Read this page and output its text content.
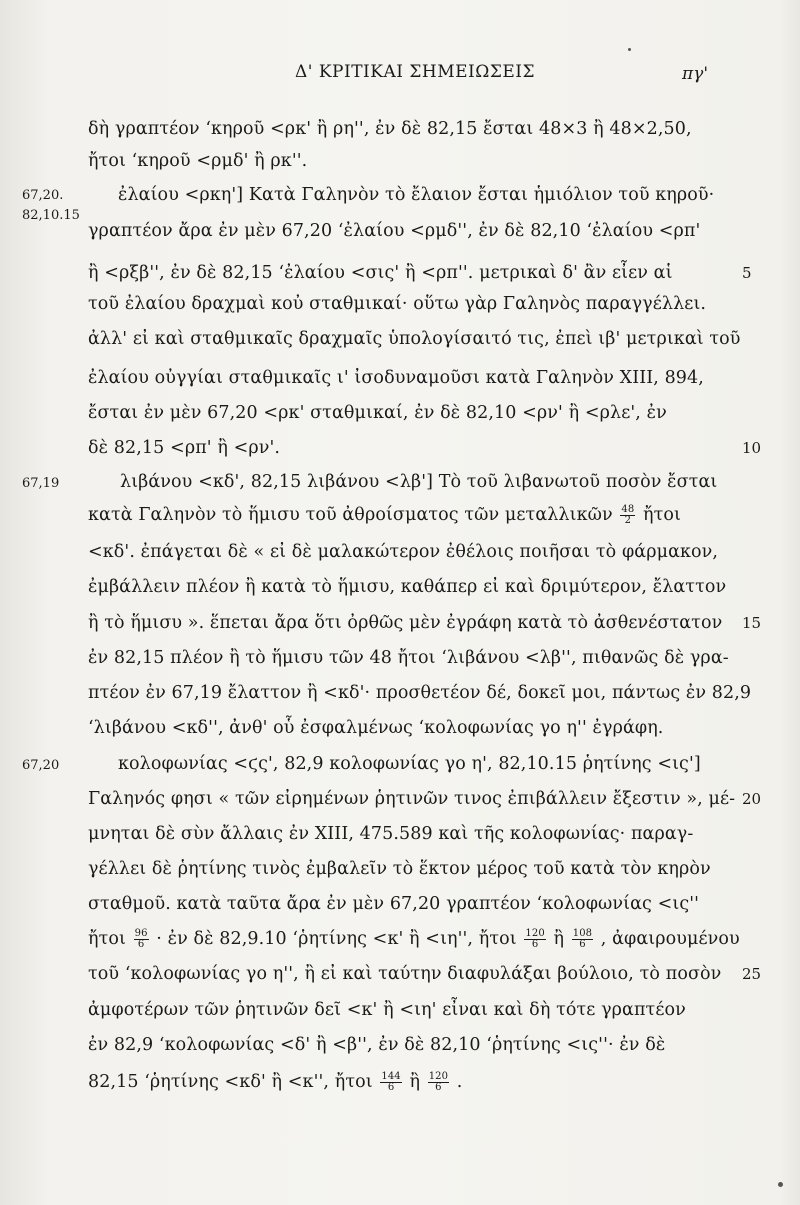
Δ' ΚΡΙΤΙΚΑΙ ΣΗΜΕΙΩΣΕΙΣ	πγ'
67,20.
82,10.15
67,19
67,20
5
10
15
20
25
δὴ γραπτέον ʻκηροῦ <ρκ' ἢ ρη'', ἐν δὲ 82,15 ἔσται 48×3 ἢ 48×2,50,
ἤτοι ʻκηροῦ <ρμδ' ἢ ρκ''.
ἐλαίου <ρκη'] Κατὰ Γαληνὸν τὸ ἔλαιον ἔσται ἡμιόλιον τοῦ κηροῦ·
γραπτέον ἄρα ἐν μὲν 67,20 ʻἐλαίου <ρμδ'', ἐν δὲ 82,10 ʻἐλαίου <ρπ'
ἢ <ρξβ'', ἐν δὲ 82,15 ʻἐλαίου <σις' ἢ <ρπ''. μετρικαὶ δ' ἂν εἶεν αἱ
τοῦ ἐλαίου δραχμαὶ κοὐ σταθμικαί· οὕτω γὰρ Γαληνὸς παραγγέλλει.
ἀλλ' εἰ καὶ σταθμικαῖς δραχμαῖς ὑπολογίσαιτό τις, ἐπεὶ ιβ' μετρικαὶ τοῦ
ἐλαίου οὐγγίαι σταθμικαῖς ι' ἰσοδυναμοῦσι κατὰ Γαληνὸν XIII, 894,
ἔσται ἐν μὲν 67,20 <ρκ' σταθμικαί, ἐν δὲ 82,10 <ρν' ἢ <ρλε', ἐν
δὲ 82,15 <ρπ' ἢ <ρν'.
λιβάνου <κδ', 82,15 λιβάνου <λβ'] Τὸ τοῦ λιβανωτοῦ ποσὸν ἔσται
κατὰ Γαληνὸν τὸ ἥμισυ τοῦ ἀθροίσματος τῶν μεταλλικῶν $\frac{48}{2}$ ἤτοι
<κδ'. ἐπάγεται δὲ « εἰ δὲ μαλακώτερον ἐθέλοις ποιῆσαι τὸ φάρμακον,
ἐμβάλλειν πλέον ἢ κατὰ τὸ ἥμισυ, καθάπερ εἰ καὶ δριμύτερον, ἔλαττον
ἢ τὸ ἥμισυ ». ἕπεται ἄρα ὅτι ὀρθῶς μὲν ἐγράφη κατὰ τὸ ἀσθενέστατον
ἐν 82,15 πλέον ἢ τὸ ἥμισυ τῶν 48 ἤτοι ʻλιβάνου <λβ'', πιθανῶς δὲ γρα-
πτέον ἐν 67,19 ἔλαττον ἢ <κδ'· προσθετέον δέ, δοκεῖ μοι, πάντως ἐν 82,9
ʻλιβάνου <κδ'', ἀνθ' οὗ ἐσφαλμένως ʻκολοφωνίας γο η'' ἐγράφη.
κολοφωνίας <ϛς', 82,9 κολοφωνίας γο η', 82,10.15 ῥητίνης <ις']
Γαληνός φησι « τῶν εἰρημένων ῥητινῶν τινος ἐπιβάλλειν ἔξεστιν », μέ-
μνηται δὲ σὺν ἄλλαις ἐν XIII, 475.589 καὶ τῆς κολοφωνίας· παραγ-
γέλλει δὲ ῥητίνης τινὸς ἐμβαλεῖν τὸ ἕκτον μέρος τοῦ κατὰ τὸν κηρὸν
σταθμοῦ. κατὰ ταῦτα ἄρα ἐν μὲν 67,20 γραπτέον ʻκολοφωνίας <ις''
ἤτοι $\frac{96}{6}$ · ἐν δὲ 82,9.10 ʻῥητίνης <κ' ἢ <ιη'', ἤτοι $\frac{120}{6}$ ἢ $\frac{108}{6}$ , ἀφαιρουμένου
τοῦ ʻκολοφωνίας γο η'', ἢ εἰ καὶ ταύτην διαφυλάξαι βούλοιο, τὸ ποσὸν
ἀμφοτέρων τῶν ῥητινῶν δεῖ <κ' ἢ <ιη' εἶναι καὶ δὴ τότε γραπτέον
ἐν 82,9 ʻκολοφωνίας <δ' ἢ <β'', ἐν δὲ 82,10 ʻῥητίνης <ις''· ἐν δὲ
82,15 ʻῥητίνης <κδ' ἢ <κ'', ἤτοι $\frac{144}{6}$ ἢ $\frac{120}{6}$ .
